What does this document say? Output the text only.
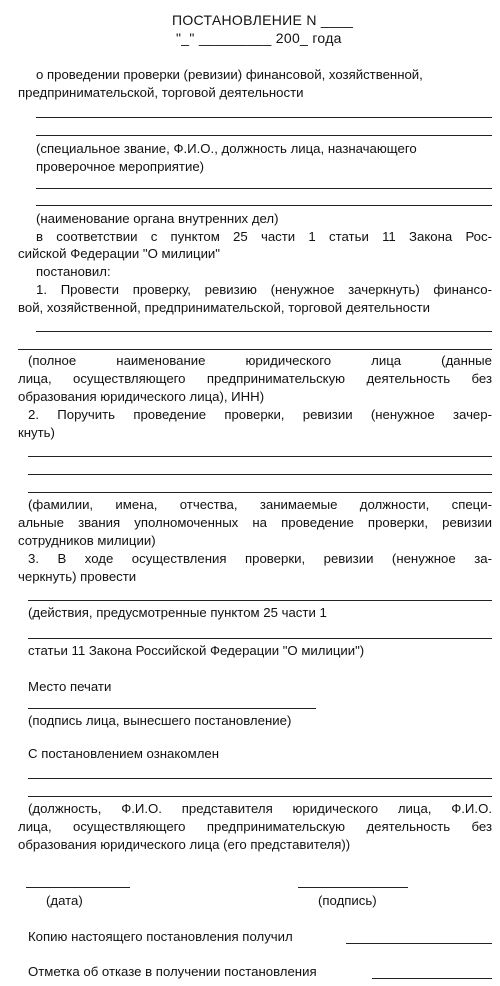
ПОСТАНОВЛЕНИЕ N ____
"_" _________ 200_ года
о проведении проверки (ревизии) финансовой, хозяйственной,
предпринимательской, торговой деятельности
(специальное звание, Ф.И.О., должность лица, назначающего
проверочное мероприятие)
(наименование органа внутренних дел)
в соответствии с пунктом 25 части 1 статьи 11 Закона Рос-
сийской Федерации "О милиции"
постановил:
1. Провести проверку, ревизию (ненужное зачеркнуть) финансо-
вой, хозяйственной, предпринимательской, торговой деятельности
(полное наименование юридического лица (данные
лица, осуществляющего предпринимательскую деятельность без
образования юридического лица), ИНН)
2. Поручить проведение проверки, ревизии (ненужное зачер-
кнуть)
(фамилии, имена, отчества, занимаемые должности, специ-
альные звания уполномоченных на проведение проверки, ревизии
сотрудников милиции)
3. В ходе осуществления проверки, ревизии (ненужное за-
черкнуть) провести
(действия, предусмотренные пунктом 25 части 1
статьи 11 Закона Российской Федерации "О милиции")
Место печати
(подпись лица, вынесшего постановление)
С постановлением ознакомлен
(должность, Ф.И.О. представителя юридического лица, Ф.И.О.
лица, осуществляющего предпринимательскую деятельность без
образования юридического лица (его представителя))
(дата)	(подпись)
Копию настоящего постановления получил
Отметка об отказе в получении постановления
